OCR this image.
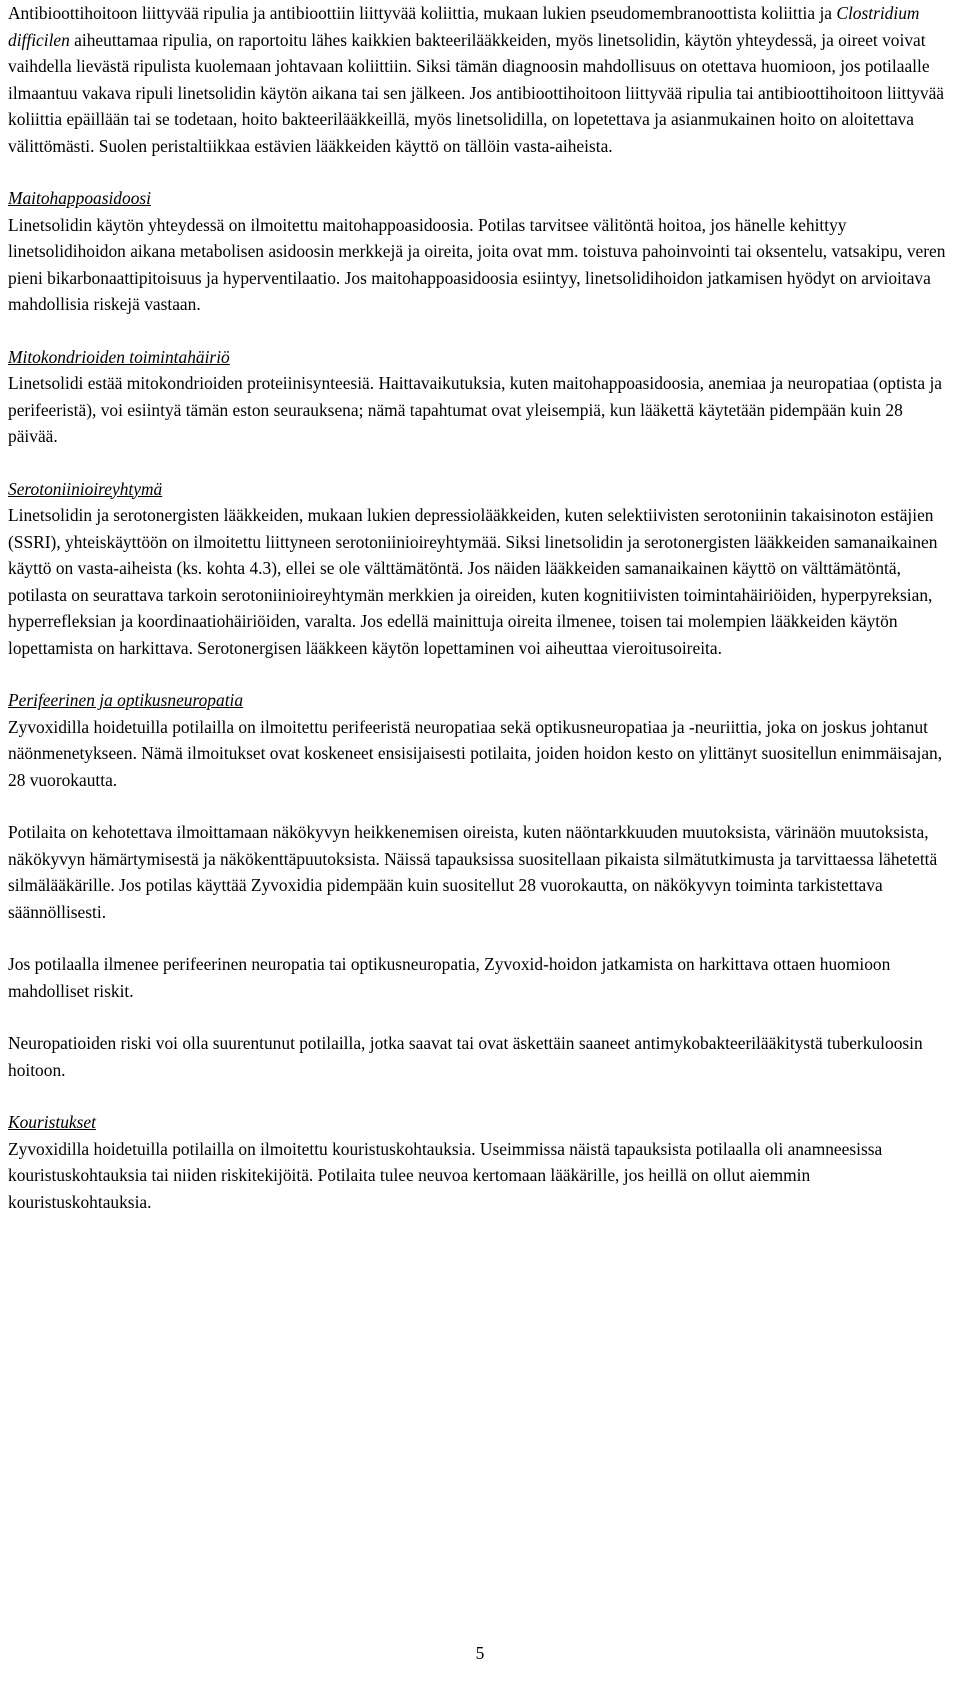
Antibioottihoitoon liittyvää ripulia ja antibioottiin liittyvää koliittia, mukaan lukien pseudomembranoottista koliittia ja Clostridium difficilen aiheuttamaa ripulia, on raportoitu lähes kaikkien bakteerilääkkeiden, myös linetsolidin, käytön yhteydessä, ja oireet voivat vaihdella lievästä ripulista kuolemaan johtavaan koliittiin. Siksi tämän diagnoosin mahdollisuus on otettava huomioon, jos potilaalle ilmaantuu vakava ripuli linetsolidin käytön aikana tai sen jälkeen. Jos antibioottihoitoon liittyvää ripulia tai antibioottihoitoon liittyvää koliittia epäillään tai se todetaan, hoito bakteerilääkkeillä, myös linetsolidilla, on lopetettava ja asianmukainen hoito on aloitettava välittömästi. Suolen peristaltiikkaa estävien lääkkeiden käyttö on tällöin vasta-aiheista.

Maitohappoasidoosi

Linetsolidin käytön yhteydessä on ilmoitettu maitohappoasidoosia. Potilas tarvitsee välitöntä hoitoa, jos hänelle kehittyy linetsolidihoidon aikana metabolisen asidoosin merkkejä ja oireita, joita ovat mm. toistuva pahoinvointi tai oksentelu, vatsakipu, veren pieni bikarbonaattipitoisuus ja hyperventilaatio. Jos maitohappoasidoosia esiintyy, linetsolidihoidon jatkamisen hyödyt on arvioitava mahdollisia riskejä vastaan.

Mitokondrioiden toimintahäiriö

Linetsolidi estää mitokondrioiden proteiinisynteesiä. Haittavaikutuksia, kuten maitohappoasidoosia, anemiaa ja neuropatiaa (optista ja perifeeristä), voi esiintyä tämän eston seurauksena; nämä tapahtumat ovat yleisempiä, kun lääkettä käytetään pidempään kuin 28 päivää.

Serotoniinioireyhtymä

Linetsolidin ja serotonergisten lääkkeiden, mukaan lukien depressiolääkkeiden, kuten selektiivisten serotoniinin takaisinoton estäjien (SSRI), yhteiskäyttöön on ilmoitettu liittyneen serotoniinioireyhtymää. Siksi linetsolidin ja serotonergisten lääkkeiden samanaikainen käyttö on vasta-aiheista (ks. kohta 4.3), ellei se ole välttämätöntä. Jos näiden lääkkeiden samanaikainen käyttö on välttämätöntä, potilasta on seurattava tarkoin serotoniinioireyhtymän merkkien ja oireiden, kuten kognitiivisten toimintahäiriöiden, hyperpyreksian, hyperrefleksian ja koordinaatiohäiriöiden, varalta. Jos edellä mainittuja oireita ilmenee, toisen tai molempien lääkkeiden käytön lopettamista on harkittava. Serotonergisen lääkkeen käytön lopettaminen voi aiheuttaa vieroitusoireita.

Perifeerinen ja optikusneuropatia

Zyvoxidilla hoidetuilla potilailla on ilmoitettu perifeeristä neuropatiaa sekä optikusneuropatiaa ja -neuriittia, joka on joskus johtanut näönmenetykseen. Nämä ilmoitukset ovat koskeneet ensisijaisesti potilaita, joiden hoidon kesto on ylittänyt suositellun enimmäisajan, 28 vuorokautta.

Potilaita on kehotettava ilmoittamaan näkökyvyn heikkenemisen oireista, kuten näöntarkkuuden muutoksista, värinäön muutoksista, näkökyvyn hämärtymisestä ja näkökenttäpuutoksista. Näissä tapauksissa suositellaan pikaista silmätutkimusta ja tarvittaessa lähetettä silmälääkärille. Jos potilas käyttää Zyvoxidia pidempään kuin suositellut 28 vuorokautta, on näkökyvyn toiminta tarkistettava säännöllisesti.

Jos potilaalla ilmenee perifeerinen neuropatia tai optikusneuropatia, Zyvoxid-hoidon jatkamista on harkittava ottaen huomioon mahdolliset riskit.

Neuropatioiden riski voi olla suurentunut potilailla, jotka saavat tai ovat äskettäin saaneet antimykobakteerilääkitystä tuberkuloosin hoitoon.

Kouristukset

Zyvoxidilla hoidetuilla potilailla on ilmoitettu kouristuskohtauksia. Useimmissa näistä tapauksista potilaalla oli anamneesissa kouristuskohtauksia tai niiden riskitekijöitä. Potilaita tulee neuvoa kertomaan lääkärille, jos heillä on ollut aiemmin kouristuskohtauksia.

5
